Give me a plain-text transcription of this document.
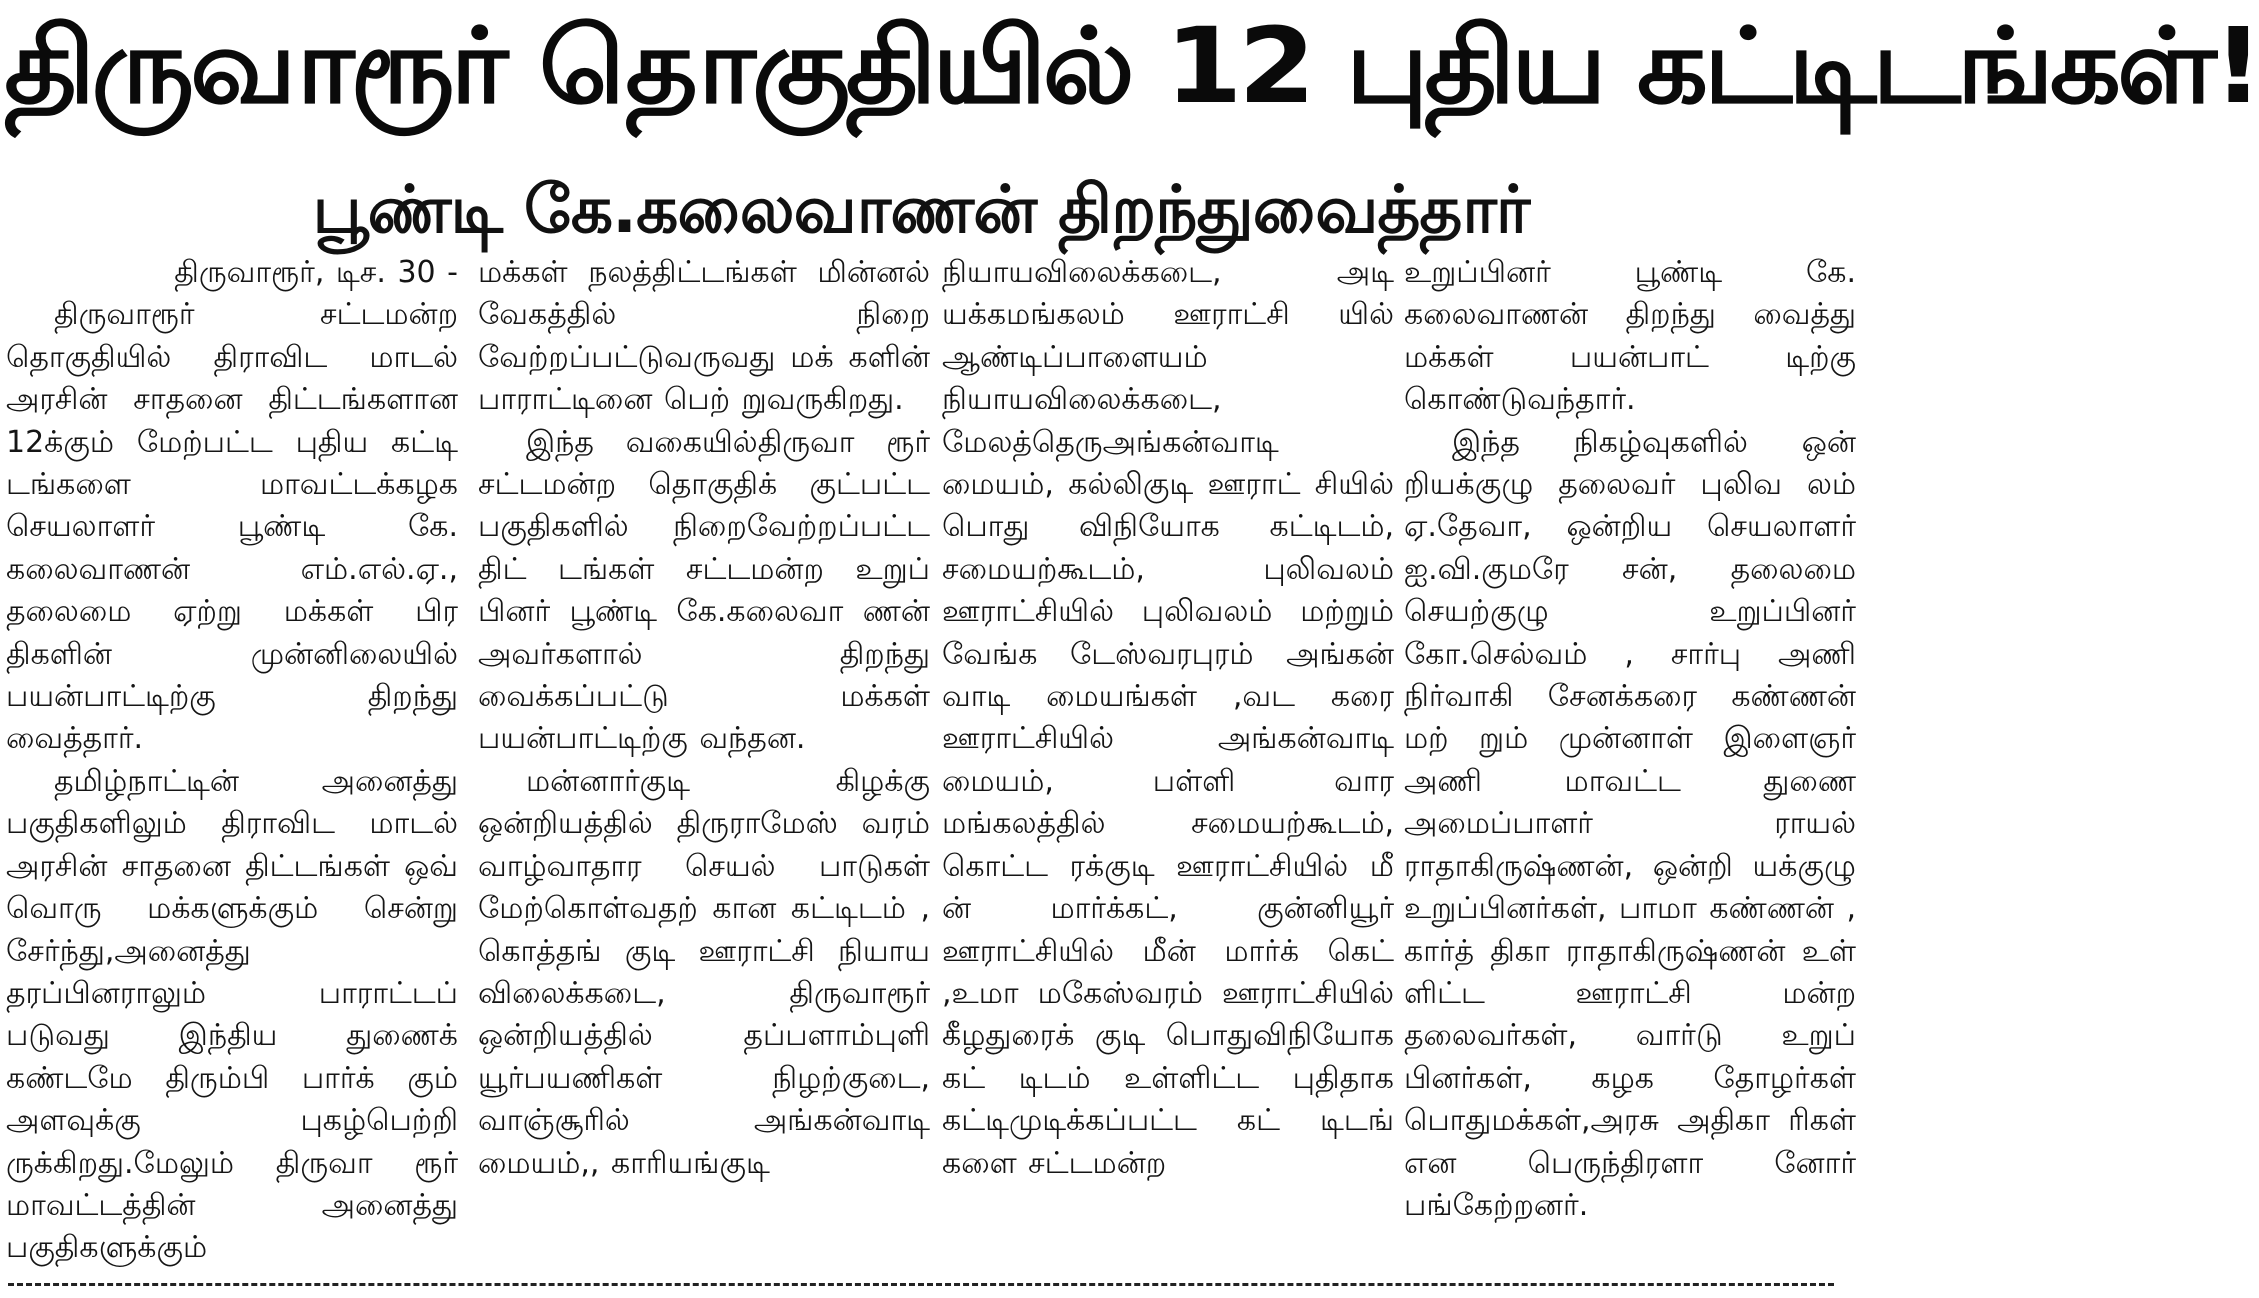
திருவாரூர் தொகுதியில் 12 புதிய கட்டிடங்கள்!
பூண்டி கே.கலைவாணன் திறந்துவைத்தார்

திருவாரூர், டிச. 30 -

திருவாரூர் சட்டமன்ற தொகுதியில் திராவிட மாடல் அரசின் சாதனை திட்டங்களான 12க்கும் மேற்பட்ட புதிய கட்டி டங்களை மாவட்டக்கழக செயலாளர் பூண்டி கே. கலைவாணன் எம்.எல்.ஏ., தலைமை ஏற்று மக்கள் பிர திகளின் முன்னிலையில் பயன்பாட்டிற்கு திறந்து வைத்தார்.

தமிழ்நாட்டின் அனைத்து பகுதிகளிலும் திராவிட மாடல் அரசின் சாதனை திட்டங்கள் ஒவ் வொரு மக்களுக்கும் சென்று சேர்ந்து,அனைத்து தரப்பினராலும் பாராட்டப் படுவது இந்திய துணைக் கண்டமே திரும்பி பார்க் கும் அளவுக்கு புகழ்பெற்றி ருக்கிறது.மேலும் திருவா ரூர் மாவட்டத்தின் அனைத்து பகுதிகளுக்கும்

மக்கள் நலத்திட்டங்கள் மின்னல் வேகத்தில் நிறை வேற்றப்பட்டுவருவது மக் களின் பாராட்டினை பெற் றுவருகிறது.

இந்த வகையில்திருவா ரூர் சட்டமன்ற தொகுதிக் குட்பட்ட பகுதிகளில் நிறைவேற்றப்பட்ட திட் டங்கள் சட்டமன்ற உறுப் பினர் பூண்டி கே.கலைவா ணன் அவர்களால் திறந்து வைக்கப்பட்டு மக்கள் பயன்பாட்டிற்கு வந்தன.

மன்னார்குடி கிழக்கு ஒன்றியத்தில் திருராமேஸ் வரம் வாழ்வாதார செயல் பாடுகள் மேற்கொள்வதற் கான கட்டிடம் , கொத்தங் குடி ஊராட்சி நியாய விலைக்கடை, திருவாரூர் ஒன்றியத்தில் தப்பளாம்புளி யூர்பயணிகள் நிழற்குடை, வாஞ்சூரில் அங்கன்வாடி மையம்,, காரியங்குடி

நியாயவிலைக்கடை, அடி யக்கமங்கலம் ஊராட்சி யில் ஆண்டிப்பாளையம் நியாயவிலைக்கடை, மேலத்தெருஅங்கன்வாடி மையம், கல்லிகுடி ஊராட் சியில் பொது விநியோக கட்டிடம், சமையற்கூடம், புலிவலம் ஊராட்சியில் புலிவலம் மற்றும் வேங்க டேஸ்வரபுரம் அங்கன் வாடி மையங்கள் ,வட கரை ஊராட்சியில் அங்கன்வாடி மையம், பள்ளி வார மங்கலத்தில் சமையற்கூடம், கொட்ட ரக்குடி ஊராட்சியில் மீ ன் மார்க்கட், குன்னியூர் ஊராட்சியில் மீன் மார்க் கெட் ,உமா மகேஸ்வரம் ஊராட்சியில் கீழதுரைக் குடி பொதுவிநியோக கட் டிடம் உள்ளிட்ட புதிதாக கட்டிமுடிக்கப்பட்ட கட் டிடங் களை சட்டமன்ற

உறுப்பினர் பூண்டி கே. கலைவாணன் திறந்து வைத்து மக்கள் பயன்பாட் டிற்கு கொண்டுவந்தார்.

இந்த நிகழ்வுகளில் ஒன் றியக்குழு தலைவர் புலிவ லம் ஏ.தேவா, ஒன்றிய செயலாளர் ஐ.வி.குமரே சன், தலைமை செயற்குழு உறுப்பினர் கோ.செல்வம் , சார்பு அணி நிர்வாகி சேனக்கரை கண்ணன் மற் றும் முன்னாள் இளைஞர் அணி மாவட்ட துணை அமைப்பாளர் ராயல் ராதாகிருஷ்ணன், ஒன்றி யக்குழு உறுப்பினர்கள், பாமா கண்ணன் , கார்த் திகா ராதாகிருஷ்ணன் உள் ளிட்ட ஊராட்சி மன்ற தலைவர்கள், வார்டு உறுப் பினர்கள், கழக தோழர்கள் பொதுமக்கள்,அரசு அதிகா ரிகள் என பெருந்திரளா னோர் பங்கேற்றனர்.
